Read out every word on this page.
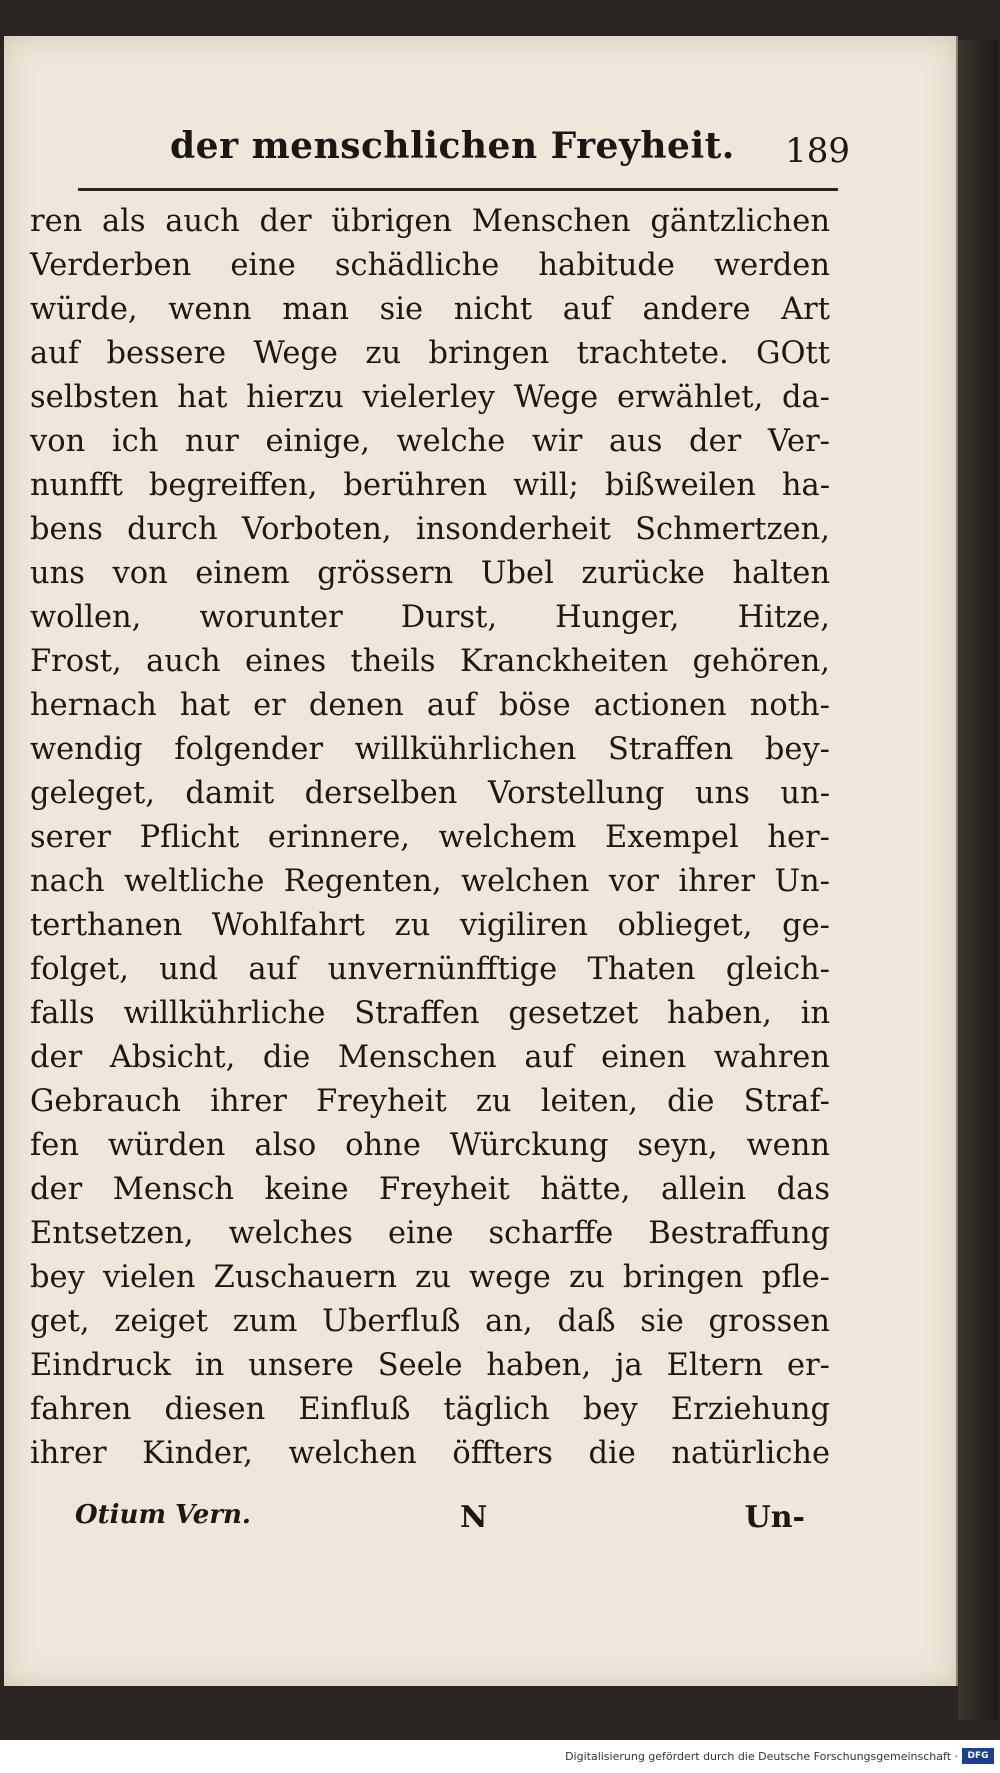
der menschlichen Freyheit. 189
ren als auch der übrigen Menschen gäntzlichen
Verderben eine schädliche habitude werden
würde, wenn man sie nicht auf andere Art
auf bessere Wege zu bringen trachtete. GOtt
selbsten hat hierzu vielerley Wege erwählet, da-
von ich nur einige, welche wir aus der Ver-
nunfft begreiffen, berühren will; bißweilen ha-
bens durch Vorboten, insonderheit Schmertzen,
uns von einem grössern Ubel zurücke halten
wollen, worunter Durst, Hunger, Hitze,
Frost, auch eines theils Kranckheiten gehören,
hernach hat er denen auf böse actionen noth-
wendig folgender willkührlichen Straffen bey-
geleget, damit derselben Vorstellung uns un-
serer Pflicht erinnere, welchem Exempel her-
nach weltliche Regenten, welchen vor ihrer Un-
terthanen Wohlfahrt zu vigiliren oblieget, ge-
folget, und auf unvernünfftige Thaten gleich-
falls willkührliche Straffen gesetzet haben, in
der Absicht, die Menschen auf einen wahren
Gebrauch ihrer Freyheit zu leiten, die Straf-
fen würden also ohne Würckung seyn, wenn
der Mensch keine Freyheit hätte, allein das
Entsetzen, welches eine scharffe Bestraffung
bey vielen Zuschauern zu wege zu bringen pfle-
get, zeiget zum Uberfluß an, daß sie grossen
Eindruck in unsere Seele haben, ja Eltern er-
fahren diesen Einfluß täglich bey Erziehung
ihrer Kinder, welchen öffters die natürliche
Otium Vern.	N	Un-
Digitalisierung gefördert durch die Deutsche Forschungsgemeinschaft ·	DFG
